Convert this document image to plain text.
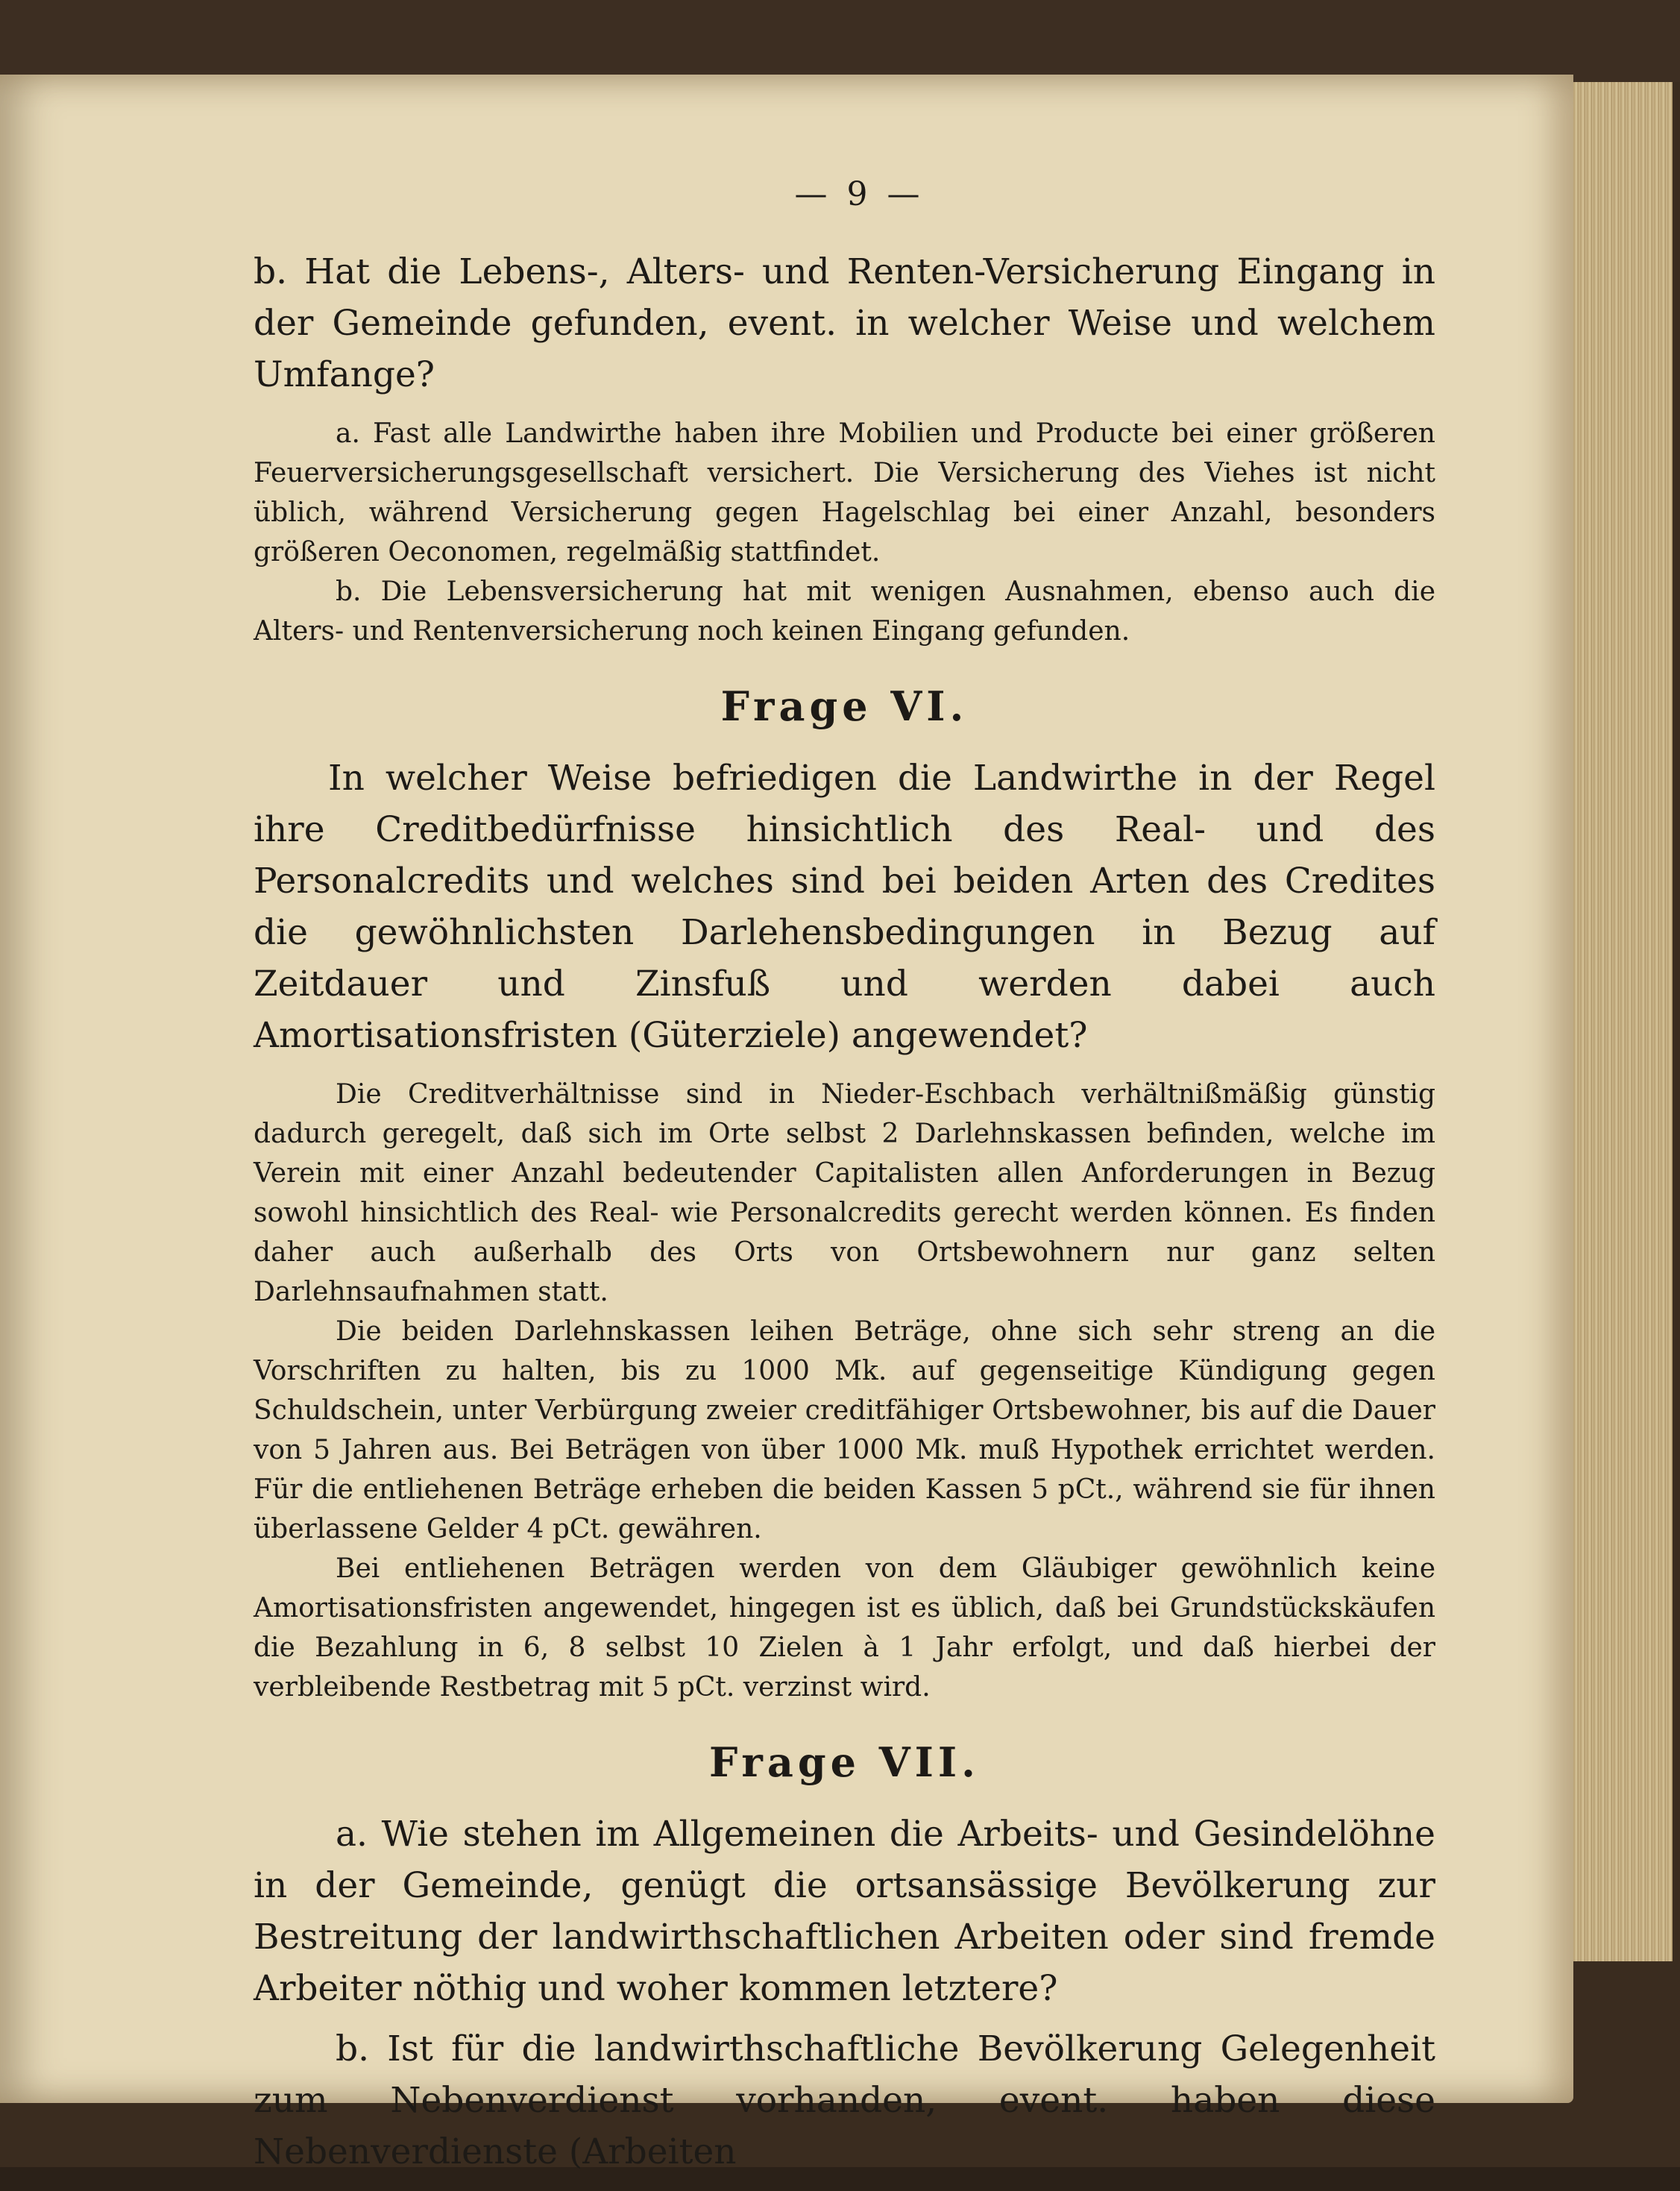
— 9 —

b. Hat die Lebens-, Alters- und Renten-Versicherung Eingang in der Gemeinde gefunden, event. in welcher Weise und welchem Umfange?

a. Fast alle Landwirthe haben ihre Mobilien und Producte bei einer größeren Feuerversicherungsgesellschaft versichert. Die Versicherung des Viehes ist nicht üblich, während Versicherung gegen Hagelschlag bei einer Anzahl, besonders größeren Oeconomen, regelmäßig stattfindet.

b. Die Lebensversicherung hat mit wenigen Ausnahmen, ebenso auch die Alters- und Rentenversicherung noch keinen Eingang gefunden.

Frage VI.

In welcher Weise befriedigen die Landwirthe in der Regel ihre Creditbedürfnisse hinsichtlich des Real- und des Personalcredits und welches sind bei beiden Arten des Credites die gewöhnlichsten Darlehensbedingungen in Bezug auf Zeitdauer und Zinsfuß und werden dabei auch Amortisationsfristen (Güterziele) angewendet?

Die Creditverhältnisse sind in Nieder-Eschbach verhältnißmäßig günstig dadurch geregelt, daß sich im Orte selbst 2 Darlehnskassen befinden, welche im Verein mit einer Anzahl bedeutender Capitalisten allen Anforderungen in Bezug sowohl hinsichtlich des Real- wie Personalcredits gerecht werden können. Es finden daher auch außerhalb des Orts von Ortsbewohnern nur ganz selten Darlehnsaufnahmen statt.

Die beiden Darlehnskassen leihen Beträge, ohne sich sehr streng an die Vorschriften zu halten, bis zu 1000 Mk. auf gegenseitige Kündigung gegen Schuldschein, unter Verbürgung zweier creditfähiger Ortsbewohner, bis auf die Dauer von 5 Jahren aus. Bei Beträgen von über 1000 Mk. muß Hypothek errichtet werden. Für die entliehenen Beträge erheben die beiden Kassen 5 pCt., während sie für ihnen überlassene Gelder 4 pCt. gewähren.

Bei entliehenen Beträgen werden von dem Gläubiger gewöhnlich keine Amortisationsfristen angewendet, hingegen ist es üblich, daß bei Grundstückskäufen die Bezahlung in 6, 8 selbst 10 Zielen à 1 Jahr erfolgt, und daß hierbei der verbleibende Restbetrag mit 5 pCt. verzinst wird.

Frage VII.

a. Wie stehen im Allgemeinen die Arbeits- und Gesindelöhne in der Gemeinde, genügt die ortsansässige Bevölkerung zur Bestreitung der landwirthschaftlichen Arbeiten oder sind fremde Arbeiter nöthig und woher kommen letztere?

b. Ist für die landwirthschaftliche Bevölkerung Gelegenheit zum Nebenverdienst vorhanden, event. haben diese Nebenverdienste (Arbeiten
